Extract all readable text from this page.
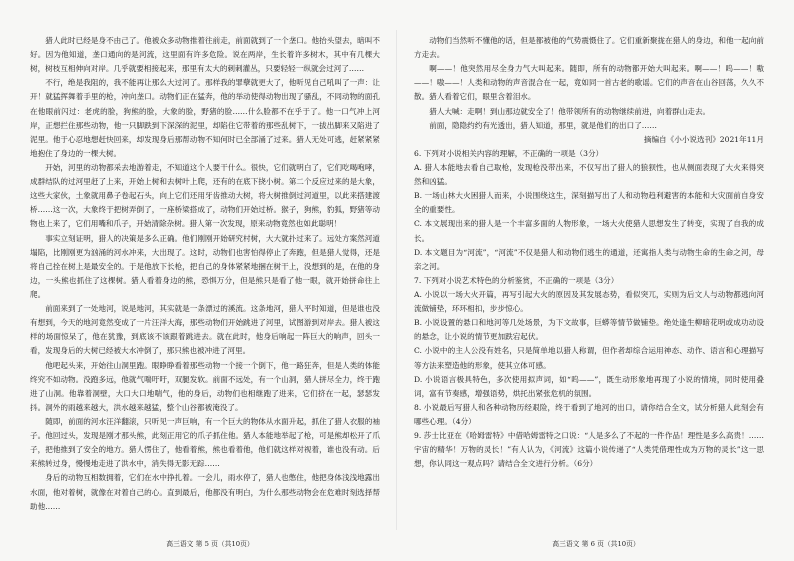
猎人此时已经是身不由己了。他被众多动物推着往前走，前面就到了一个垄口。他抬头望去，暗叫不好。因为他知道，垄口通向的是河流，这里面有许多危险。说在两岸，生长着许多树木，其中有几棵大树，树枝互相伸向对岸。几乎就要相接起来，那里有太大的刺刺灌丛，只要轻轻一纵就会过河了……

不行，绝是我阻的，我不能再让那么大过河了。那样我的罪孽就更大了，他听见自己吼叫了一声：让开！就猛挥舞着手里的枪，冲向垄口。动物们正在猛奔，他的举动使得动物出现了骚乱，不同动物的面孔在他眼前闪过：老虎的脸，狗熊的脸，大象的脸，野猪的脸……什么脸都不在乎于了。他一口气冲上河岸，正想拦住那些动物，他一只脚跌到下深深的泥里，却陷住它带着的那些乱树下，一拔出脚来又陷进了泥里。他于心忍地想赶快回来，却发现身后那帮动物不知何时已全部涌了过来。猎人无处可逃，赶紧紧紧地抱住了身边的一棵大树。

开始，河里的动物都采去地游着走，不知道这个人要干什么。很快，它们就明白了，它们吃喝咆哮，成群结队的过河里赶了上来，开始上树和去树叶上爬，还有的在底下挠小树。第二个反应过来的是大象，这些大家伙，土象就用鼻子卷起石头，向上它们还用牙齿推动大树，将大树推倒过河道里，以此来搭建渡桥……这一次，大象终于把树弄倒了，一座桥梁搭成了，动物们开始过桥。猴子，狗熊，豹狐，野猪等动物也上来了，它们用嘴和爪子，开始清除杂树。猎人第一次发现，原来动物竟然也如此聪明！

事实立刻证明，猎人的决策是多么正确。他们刚刚开始研究村树，大大就扑过来了。远处方案然河道塌陷，比刚刚更为汹涌的河水冲来，大出现了。这时，动物们也害怕得停止了奔跑，但是猎人觉得，还是将自己拴在树上是最安全的。于是他放下长枪，把自己的身体紧紧地捆在树干上，没想到的是，在他的身边，一头熊也抓住了这棵树。猎人看着身边的熊，恐惧万分，但是熊只是看了他一眼，就开始拼命往上爬。

前面来到了一处地河，说是地河，其实就是一条漂过的溪流。这条地河，猎人平时知道，但是谁也没有想到，今天的地河竟然变成了一片汪洋大海，那些动物们开始跳进了河里，试图游到对岸去。猎人被这样的场面惊呆了，他在犹豫，到底该不该跟着跳进去。就在此时，他身后响起一阵巨大的响声，回头一看，发现身后的大树已经被大水冲倒了，那只熊也被冲进了河里。

他吧起头来，开始往山洞里跑。眼睁睁看着那些动物一个接一个倒下，他一路狂奔，但是人类的体能终究不如动物。没跑多远，他就气喘吁吁，双腿发软。前面不远处，有一个山洞，猎人拼尽全力，终于跑进了山洞。他靠着洞壁，大口大口地喘气，他的身后，动物们也相继跑了进来，它们挤在一起，瑟瑟发抖。洞外的雨越来越大，洪水越来越猛，整个山谷都被淹没了。

随即，前面的河水汪洋翻滚，只听见一声巨响，有一个巨大的物体从水面升起，抓住了猎人衣服的袖子。他回过头，发现是刚才那头熊，此刻正用它的爪子抓住他。猎人本能地举起了枪，可是熊却松开了爪子，把他推到了安全的地方。猎人愣住了，他看着熊，熊也看着他，他们就这样对视着，谁也没有动。后来熊转过身，慢慢地走进了洪水中，消失得无影无踪……

身后的动物互相数拥着，它们在水中挣扎着。一会儿，雨水停了，猎人也憋住，他把身体浅浅地露出水面，他对着树，就像在对着自己的心。直到最后，他都没有明白，为什么那些动物会在危难时刻选择帮助他……

动物们当然听不懂他的话，但是都被他的气势震慑住了。它们重新聚拢在猎人的身边，和他一起向前方走去。

啊——！他突然用尽全身力气大叫起来。随即，所有的动物都开始大叫起来。啊——！呜——！嗷——！嗷——！人类和动物的声音混合在一起，竟如同一首古老的歌谣。它们的声音在山谷回荡，久久不散。猎人看着它们，眼里含着泪水。

猎人大喊：走啊！到山那边就安全了！他带领所有的动物继续前进，向着群山走去。

前面，隐隐约约有光透出，猎人知道，那里，就是他们的出口了……

摘编自《小小说选刊》2021年11月

6. 下列对小说相关内容的理解，不正确的一项是（3分）

A. 猎人本能地去看自己取枪，发现枪没带出来，不仅写出了猎人的狼狈性，也从侧面表现了大火来得突然和凶猛。

B. 一场山林大火困猎人而来，小说围绕这生，深刻描写出了人和动物趋利避害的本能和大灾面前自身安全的重要性。

C. 本文展现出来的猎人是一个丰富多面的人物形象，一场大火使猎人思想发生了转变，实现了自我的成长。

D. 本文题目为“河流”，“河流”不仅是猎人和动物们逃生的通道，还寓指人类与动物生命的生命之河，母亲之河。

7. 下列对小说艺术特色的分析鉴赏，不正确的一项是（3分）

A. 小说以一场大火开篇，再写引起大火的原因及其发展态势，看似突兀，实则为后文人与动物都逃向河流做铺垫，环环相扣，步步惊心。

B. 小说设置的悬口和地河等几处场景，为下文故事，巨蟒等情节做铺垫。绝处逢生柳暗花明或成功动设的悬念，让小说的情节更加跌宕起伏。

C. 小说中的主人公没有姓名，只是简单地以猎人称谓，但作者却综合运用神态、动作、语言和心理描写等方法来塑造他的形象，使其立体可感。

D. 小说语言极具特色，多次使用拟声词，如“呜——”，既生动形象地再现了小说的情境，同时使用叠词，富有节奏感，增强语势，烘托出紧张危机的氛围。

8. 小说最后写猎人和各种动物历经艰险，终于看到了地河的出口，请你结合全文，试分析猎人此刻会有哪些心理。（4分）

9. 莎士比亚在《哈姆雷特》中借哈姆雷特之口说：“人是多么了不起的一件作品！理性是多么高贵！……宇宙的精华！万物的灵长！”有人认为，《河流》这篇小说传递了“人类凭借理性成为万物的灵长”这一思想，你认同这一观点吗？请结合全文进行分析。（6分）

高三语文 第 5 页（共10页）	高三语文 第 6 页（共10页）
